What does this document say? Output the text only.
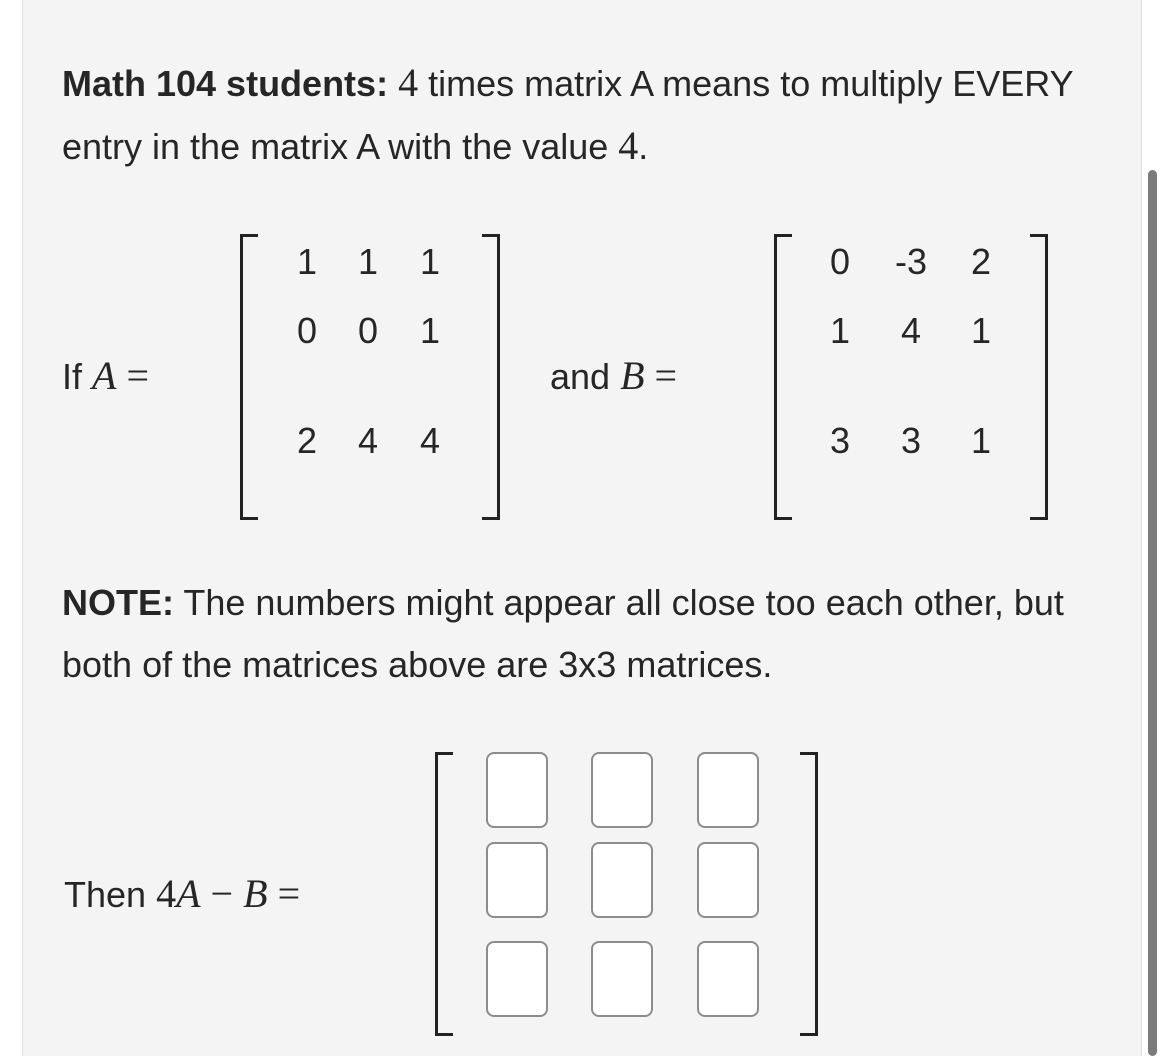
Math 104 students: 4 times matrix A means to multiply EVERY entry in the matrix A with the value 4.
If A =
1 1 1
0 0 1
2 4 4
and B =
0 -3 2
1 4 1
3 3 1
NOTE: The numbers might appear all close too each other, but both of the matrices above are 3x3 matrices.
Then 4A − B =
